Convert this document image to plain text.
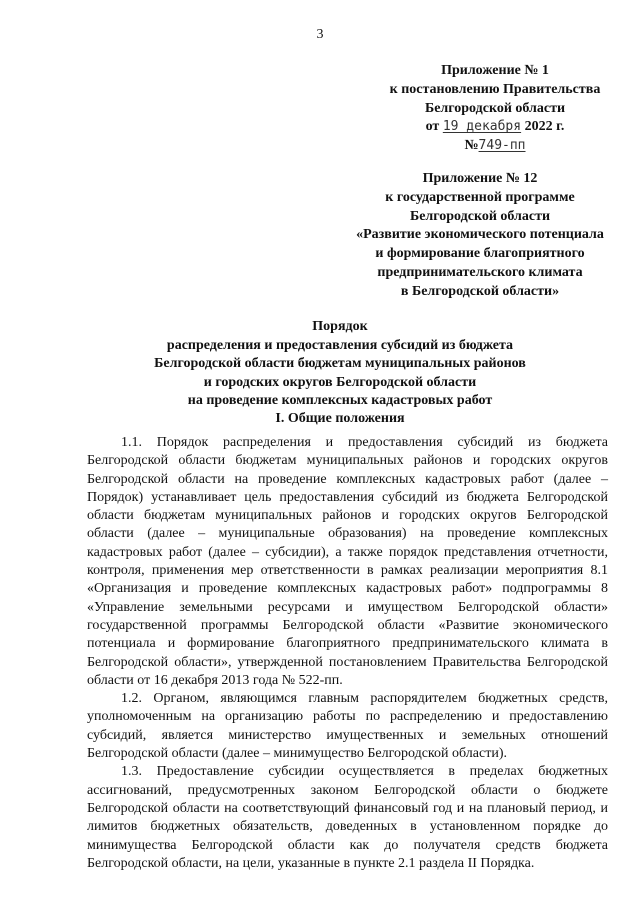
3
Приложение № 1
к постановлению Правительства
Белгородской области
от 19 декабря 2022 г.
№749-пп
Приложение № 12
к государственной программе
Белгородской области
«Развитие экономического потенциала
и формирование благоприятного
предпринимательского климата
в Белгородской области»
Порядок
распределения и предоставления субсидий из бюджета
Белгородской области бюджетам муниципальных районов
и городских округов Белгородской области
на проведение комплексных кадастровых работ
I. Общие положения

1.1. Порядок распределения и предоставления субсидий из бюджета Белгородской области бюджетам муниципальных районов и городских округов Белгородской области на проведение комплексных кадастровых работ (далее – Порядок) устанавливает цель предоставления субсидий из бюджета Белгородской области бюджетам муниципальных районов и городских округов Белгородской области (далее – муниципальные образования) на проведение комплексных кадастровых работ (далее – субсидии), а также порядок представления отчетности, контроля, применения мер ответственности в рамках реализации мероприятия 8.1 «Организация и проведение комплексных кадастровых работ» подпрограммы 8 «Управление земельными ресурсами и имуществом Белгородской области» государственной программы Белгородской области «Развитие экономического потенциала и формирование благоприятного предпринимательского климата в Белгородской области», утвержденной постановлением Правительства Белгородской области от 16 декабря 2013 года № 522-пп.

1.2. Органом, являющимся главным распорядителем бюджетных средств, уполномоченным на организацию работы по распределению и предоставлению субсидий, является министерство имущественных и земельных отношений Белгородской области (далее – минимущество Белгородской области).

1.3. Предоставление субсидии осуществляется в пределах бюджетных ассигнований, предусмотренных законом Белгородской области о бюджете Белгородской области на соответствующий финансовый год и на плановый период, и лимитов бюджетных обязательств, доведенных в установленном порядке до минимущества Белгородской области как до получателя средств бюджета Белгородской области, на цели, указанные в пункте 2.1 раздела II Порядка.
